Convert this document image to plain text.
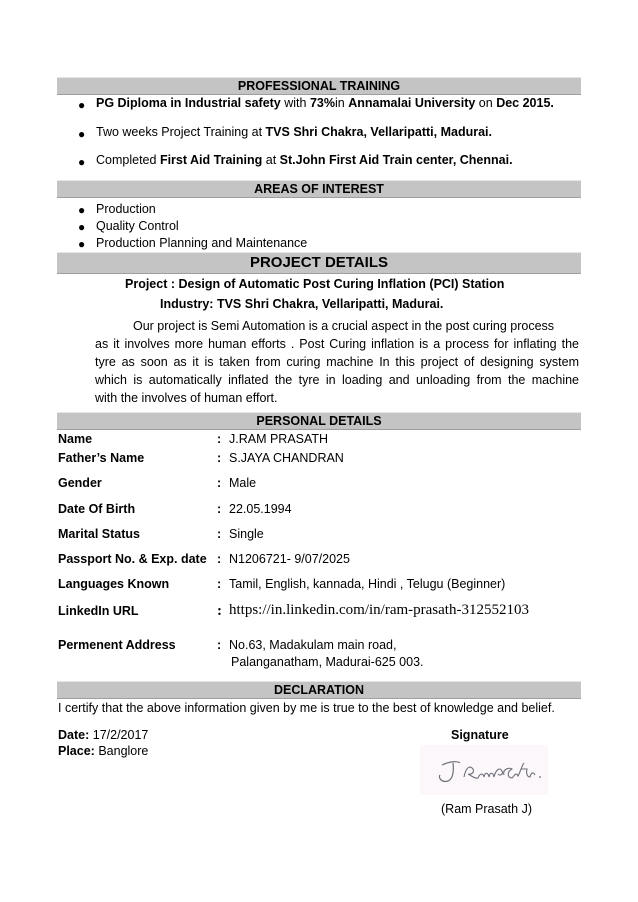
PROFESSIONAL TRAINING
● PG Diploma in Industrial safety with 73%in Annamalai University on Dec 2015.
● Two weeks Project Training at TVS Shri Chakra, Vellaripatti, Madurai.
● Completed First Aid Training at St.John First Aid Train center, Chennai.
AREAS OF INTEREST
● Production
● Quality Control
● Production Planning and Maintenance
PROJECT DETAILS
Project : Design of Automatic Post Curing Inflation (PCI) Station
Industry: TVS Shri Chakra, Vellaripatti, Madurai.
Our project is Semi Automation is a crucial aspect in the post curing process
as it involves more human efforts . Post Curing inflation is a process for inflating the
tyre as soon as it is taken from curing machine In this project of designing system
which is automatically inflated the tyre in loading and unloading from the machine
with the involves of human effort.
PERSONAL DETAILS
Name	: J.RAM PRASATH
Father’s Name	: S.JAYA CHANDRAN
Gender	: Male
Date Of Birth	: 22.05.1994
Marital Status	: Single
Passport No. & Exp. date : N1206721- 9/07/2025
Languages Known	: Tamil, English, kannada, Hindi , Telugu (Beginner)
LinkedIn URL	: https://in.linkedin.com/in/ram-prasath-312552103
Permenent Address	: No.63, Madakulam main road,
Palanganatham, Madurai-625 003.
DECLARATION
I certify that the above information given by me is true to the best of knowledge and belief.
Date: 17/2/2017
Place: Banglore
Signature
(Ram Prasath J)
